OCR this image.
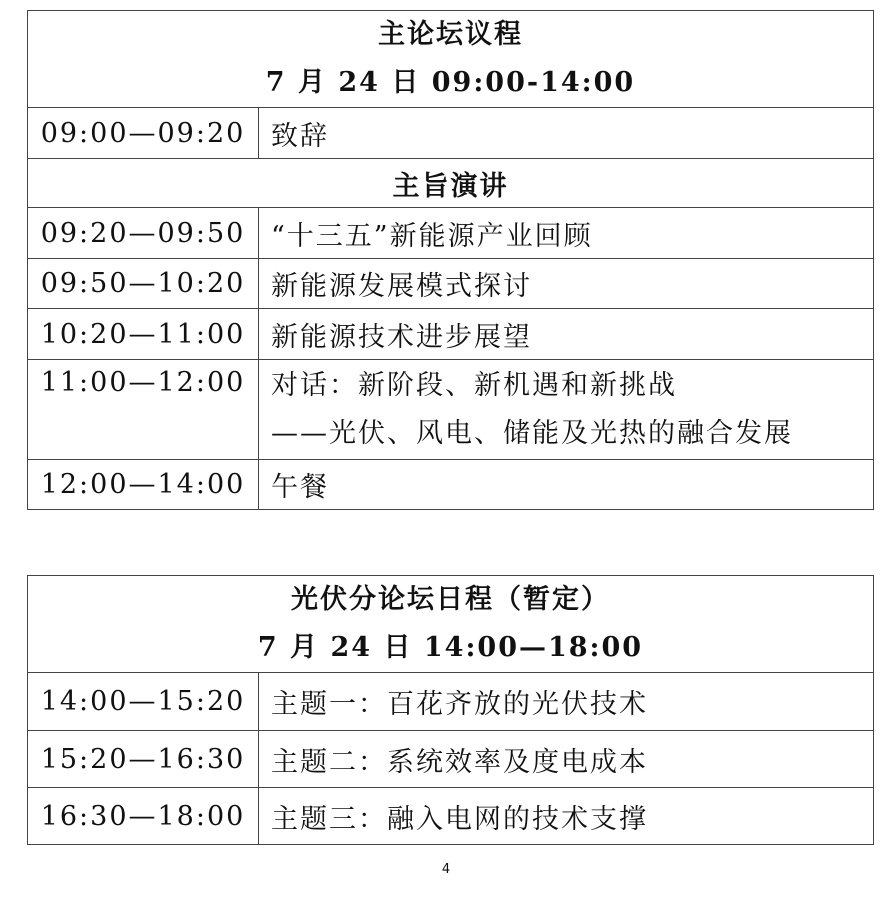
主论坛议程
7 月 24 日 09:00-14:00	

09:00—09:20	致辞
主旨演讲	
09:20—09:50	“十三五”新能源产业回顾
09:50—10:20	新能源发展模式探讨
10:20—11:00	新能源技术进步展望
11:00—12:00	对话：新阶段、新机遇和新挑战
——光伏、风电、储能及光热的融合发展

12:00—14:00	午餐
光伏分论坛日程（暂定）
7 月 24 日 14:00—18:00	

14:00—15:20	主题一：百花齐放的光伏技术
15:20—16:30	主题二：系统效率及度电成本
16:30—18:00	主题三：融入电网的技术支撑
4
